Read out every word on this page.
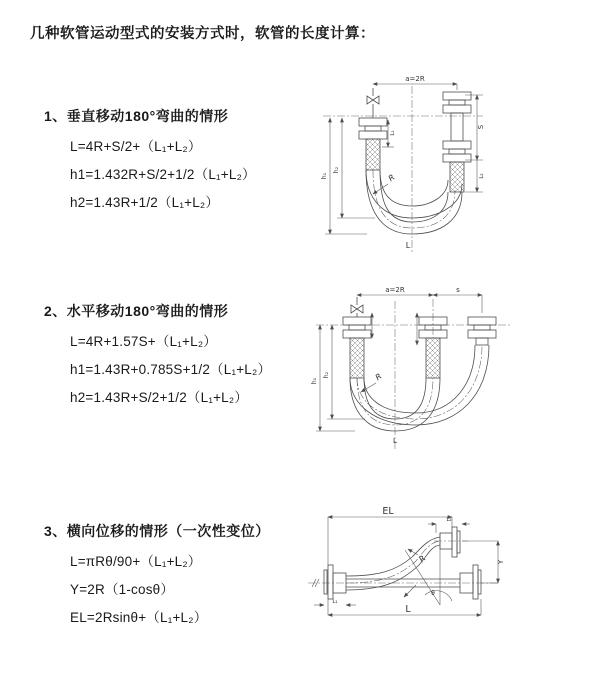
几种软管运动型式的安装方式时，软管的长度计算：
1、垂直移动180°弯曲的情形

L=4R+S/2+（L₁+L₂）

h1=1.432R+S/2+1/2（L₁+L₂）

h2=1.43R+1/2（L₁+L₂）

2、水平移动180°弯曲的情形

L=4R+1.57S+（L₁+L₂）

h1=1.43R+0.785S+1/2（L₁+L₂）

h2=1.43R+S/2+1/2（L₁+L₂）

3、横向位移的情形（一次性变位）

L=πRθ/90+（L₁+L₂）

Y=2R（1-cosθ）

EL=2Rsinθ+（L₁+L₂）

a=2R
S
L₂
L₁
h₁
h₂
R
L
a=2R	s
h₁
h₂	R
L
EL
L₂
Y
R
θ
L
L₁
